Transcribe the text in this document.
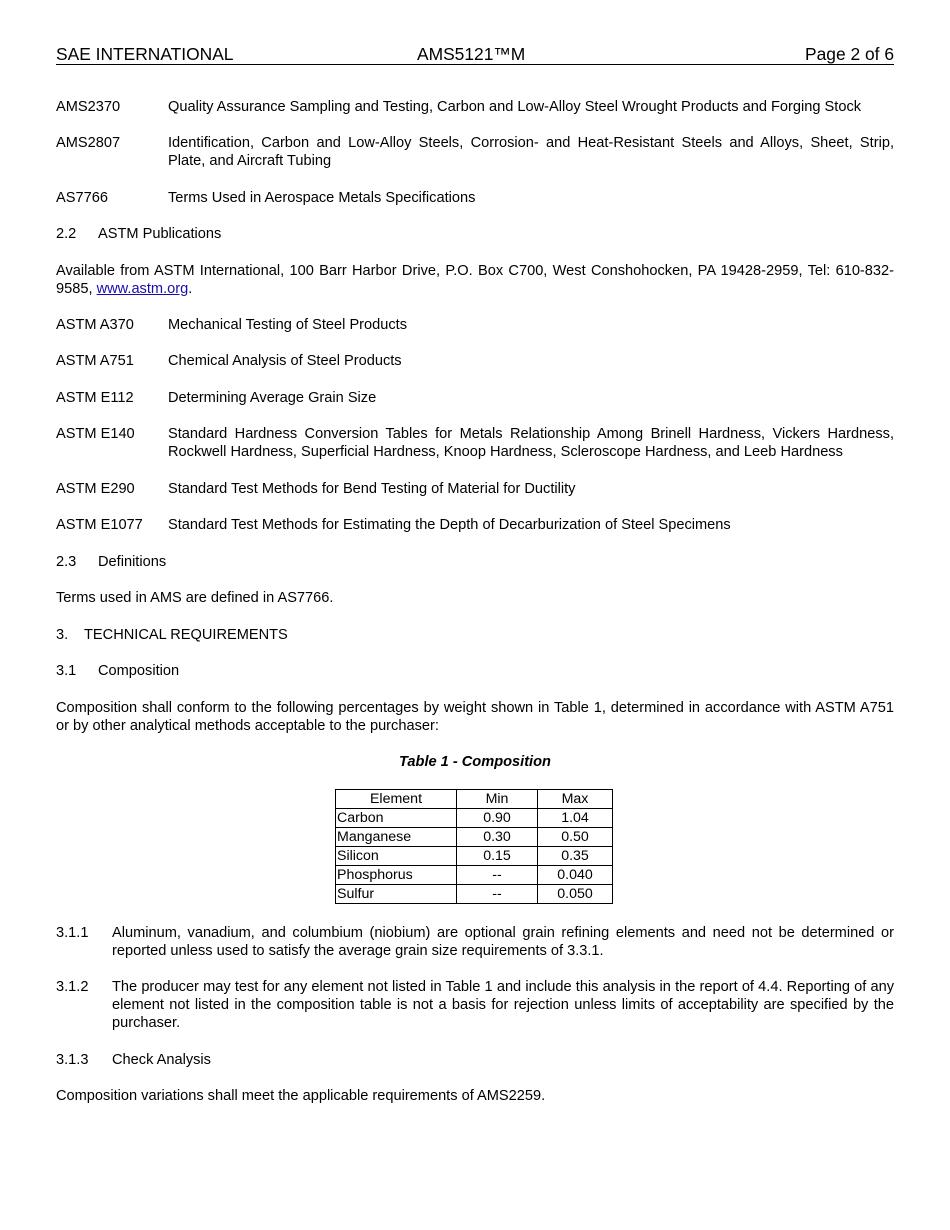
SAE INTERNATIONAL	AMS5121™M	Page 2 of 6
AMS2370	Quality Assurance Sampling and Testing, Carbon and Low-Alloy Steel Wrought Products and Forging Stock
AMS2807	Identification, Carbon and Low-Alloy Steels, Corrosion- and Heat-Resistant Steels and Alloys, Sheet, Strip, Plate, and Aircraft Tubing
AS7766	Terms Used in Aerospace Metals Specifications
2.2 ASTM Publications
Available from ASTM International, 100 Barr Harbor Drive, P.O. Box C700, West Conshohocken, PA 19428-2959, Tel: 610-832-9585, www.astm.org.
ASTM A370	Mechanical Testing of Steel Products
ASTM A751	Chemical Analysis of Steel Products
ASTM E112	Determining Average Grain Size
ASTM E140	Standard Hardness Conversion Tables for Metals Relationship Among Brinell Hardness, Vickers Hardness, Rockwell Hardness, Superficial Hardness, Knoop Hardness, Scleroscope Hardness, and Leeb Hardness
ASTM E290	Standard Test Methods for Bend Testing of Material for Ductility
ASTM E1077	Standard Test Methods for Estimating the Depth of Decarburization of Steel Specimens
2.3 Definitions
Terms used in AMS are defined in AS7766.
3. TECHNICAL REQUIREMENTS
3.1 Composition
Composition shall conform to the following percentages by weight shown in Table 1, determined in accordance with ASTM A751 or by other analytical methods acceptable to the purchaser:
Table 1 - Composition
Element	Min	Max
Carbon	0.90	1.04
Manganese	0.30	0.50
Silicon	0.15	0.35
Phosphorus	--	0.040
Sulfur	--	0.050
3.1.1 Aluminum, vanadium, and columbium (niobium) are optional grain refining elements and need not be determined or reported unless used to satisfy the average grain size requirements of 3.3.1.
3.1.2 The producer may test for any element not listed in Table 1 and include this analysis in the report of 4.4. Reporting of any element not listed in the composition table is not a basis for rejection unless limits of acceptability are specified by the purchaser.
3.1.3 Check Analysis
Composition variations shall meet the applicable requirements of AMS2259.
